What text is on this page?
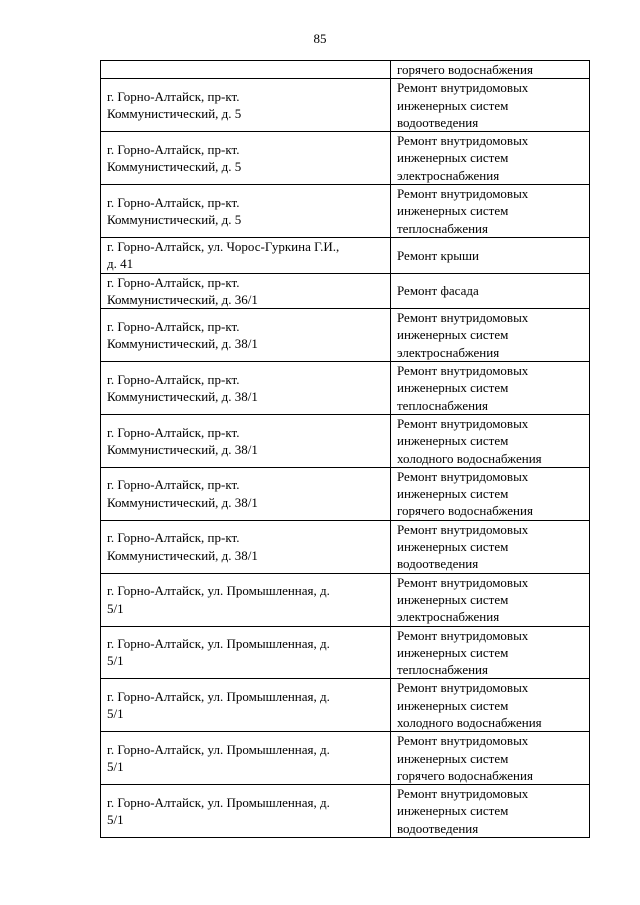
85
	горячего водоснабжения
г. Горно-Алтайск, пр-кт.
Коммунистический, д. 5	Ремонт внутридомовых
инженерных систем
водоотведения
г. Горно-Алтайск, пр-кт.
Коммунистический, д. 5	Ремонт внутридомовых
инженерных систем
электроснабжения
г. Горно-Алтайск, пр-кт.
Коммунистический, д. 5	Ремонт внутридомовых
инженерных систем
теплоснабжения
г. Горно-Алтайск, ул. Чорос-Гуркина Г.И.,
д. 41	Ремонт крыши
г. Горно-Алтайск, пр-кт.
Коммунистический, д. 36/1	Ремонт фасада
г. Горно-Алтайск, пр-кт.
Коммунистический, д. 38/1	Ремонт внутридомовых
инженерных систем
электроснабжения
г. Горно-Алтайск, пр-кт.
Коммунистический, д. 38/1	Ремонт внутридомовых
инженерных систем
теплоснабжения
г. Горно-Алтайск, пр-кт.
Коммунистический, д. 38/1	Ремонт внутридомовых
инженерных систем
холодного водоснабжения
г. Горно-Алтайск, пр-кт.
Коммунистический, д. 38/1	Ремонт внутридомовых
инженерных систем
горячего водоснабжения
г. Горно-Алтайск, пр-кт.
Коммунистический, д. 38/1	Ремонт внутридомовых
инженерных систем
водоотведения
г. Горно-Алтайск, ул. Промышленная, д.
5/1	Ремонт внутридомовых
инженерных систем
электроснабжения
г. Горно-Алтайск, ул. Промышленная, д.
5/1	Ремонт внутридомовых
инженерных систем
теплоснабжения
г. Горно-Алтайск, ул. Промышленная, д.
5/1	Ремонт внутридомовых
инженерных систем
холодного водоснабжения
г. Горно-Алтайск, ул. Промышленная, д.
5/1	Ремонт внутридомовых
инженерных систем
горячего водоснабжения
г. Горно-Алтайск, ул. Промышленная, д.
5/1	Ремонт внутридомовых
инженерных систем
водоотведения
